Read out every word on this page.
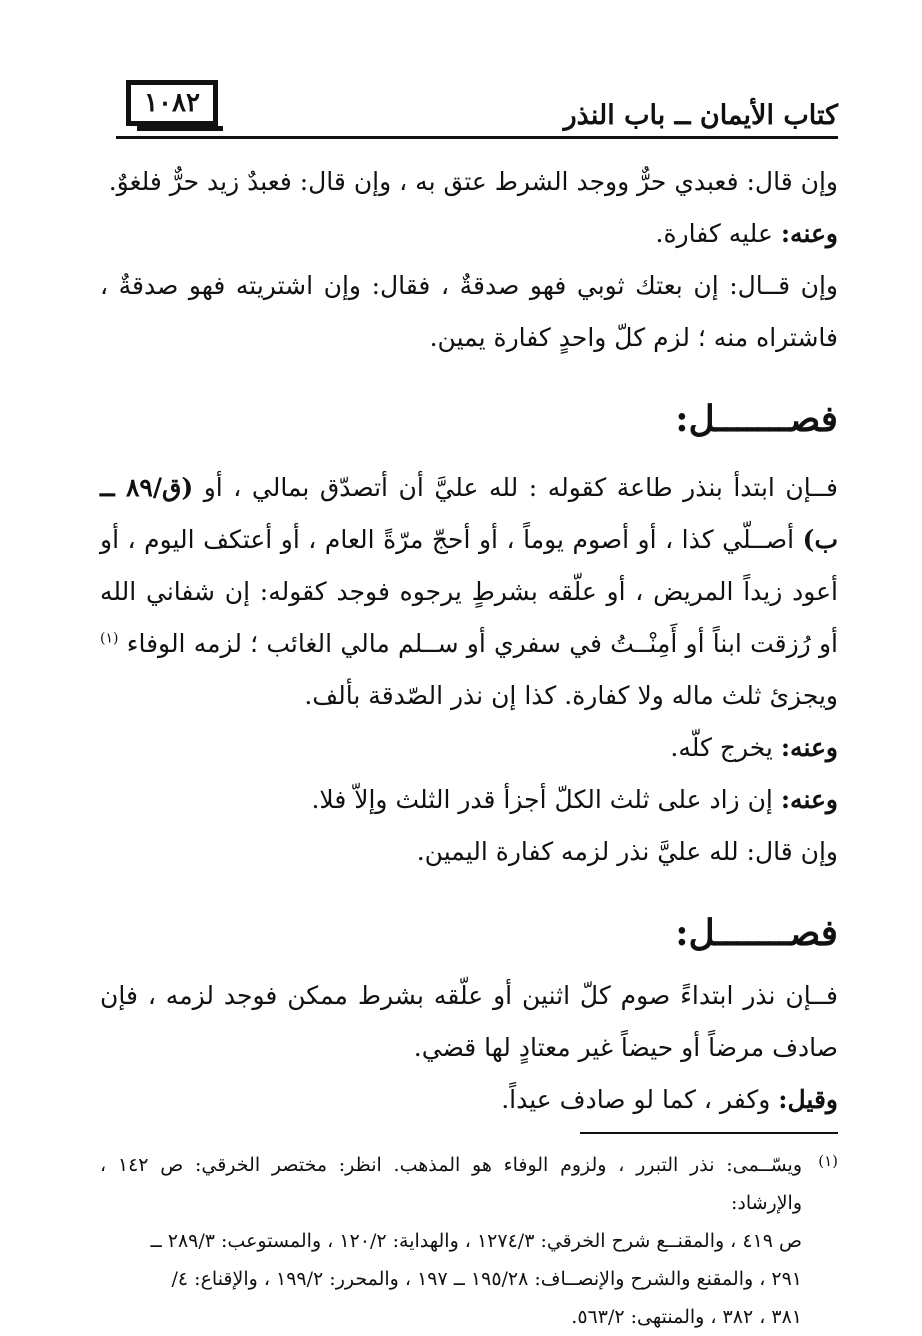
١٠٨٢	كتاب الأيمان ــ باب النذر

وإن قال: فعبدي حرٌّ ووجد الشرط عتق به ، وإن قال: فعبدٌ زيد حرٌّ فلغوٌ.

وعنه: عليه كفارة.

وإن قــال: إن بعتك ثوبي فهو صدقةٌ ، فقال: وإن اشتريته فهو صدقةٌ ، فاشتراه منه ؛ لزم كلّ واحدٍ كفارة يمين.

فصـــــــل:

فــإن ابتدأ بنذر طاعة كقوله : لله عليَّ أن أتصدّق بمالي ، أو (ق/٨٩ ــ ب) أصــلّي كذا ، أو أصوم يوماً ، أو أحجّ مرّةً العام ، أو أعتكف اليوم ، أو أعود زيداً المريض ، أو علّقه بشرطٍ يرجوه فوجد كقوله: إن شفاني الله أو رُزقت ابناً أو أَمِنْــتُ في سفري أو ســلم مالي الغائب ؛ لزمه الوفاء $^{(١)}$ ويجزئ ثلث ماله ولا كفارة. كذا إن نذر الصّدقة بألف.

وعنه: يخرج كلّه.

وعنه: إن زاد على ثلث الكلّ أجزأ قدر الثلث وإلاّ فلا.

وإن قال: لله عليَّ نذر لزمه كفارة اليمين.

فصـــــــل:

فــإن نذر ابتداءً صوم كلّ اثنين أو علّقه بشرط ممكن فوجد لزمه ، فإن صادف مرضاً أو حيضاً غير معتادٍ لها قضي.

وقيل: وكفر ، كما لو صادف عيداً.

(١)

ويسّــمى: نذر التبرر ، ولزوم الوفاء هو المذهب. انظر: مختصر الخرقي: ص ١٤٢ ، والإرشاد:

ص ٤١٩ ، والمقنــع شرح الخرقي: ١٢٧٤/٣ ، والهداية: ١٢٠/٢ ، والمستوعب: ٢٨٩/٣ ــ

٢٩١ ، والمقنع والشرح والإنصــاف: ١٩٥/٢٨ ــ ١٩٧ ، والمحرر: ١٩٩/٢ ، والإقناع: ٤/

٣٨١ ، ٣٨٢ ، والمنتهى: ٥٦٣/٢.
